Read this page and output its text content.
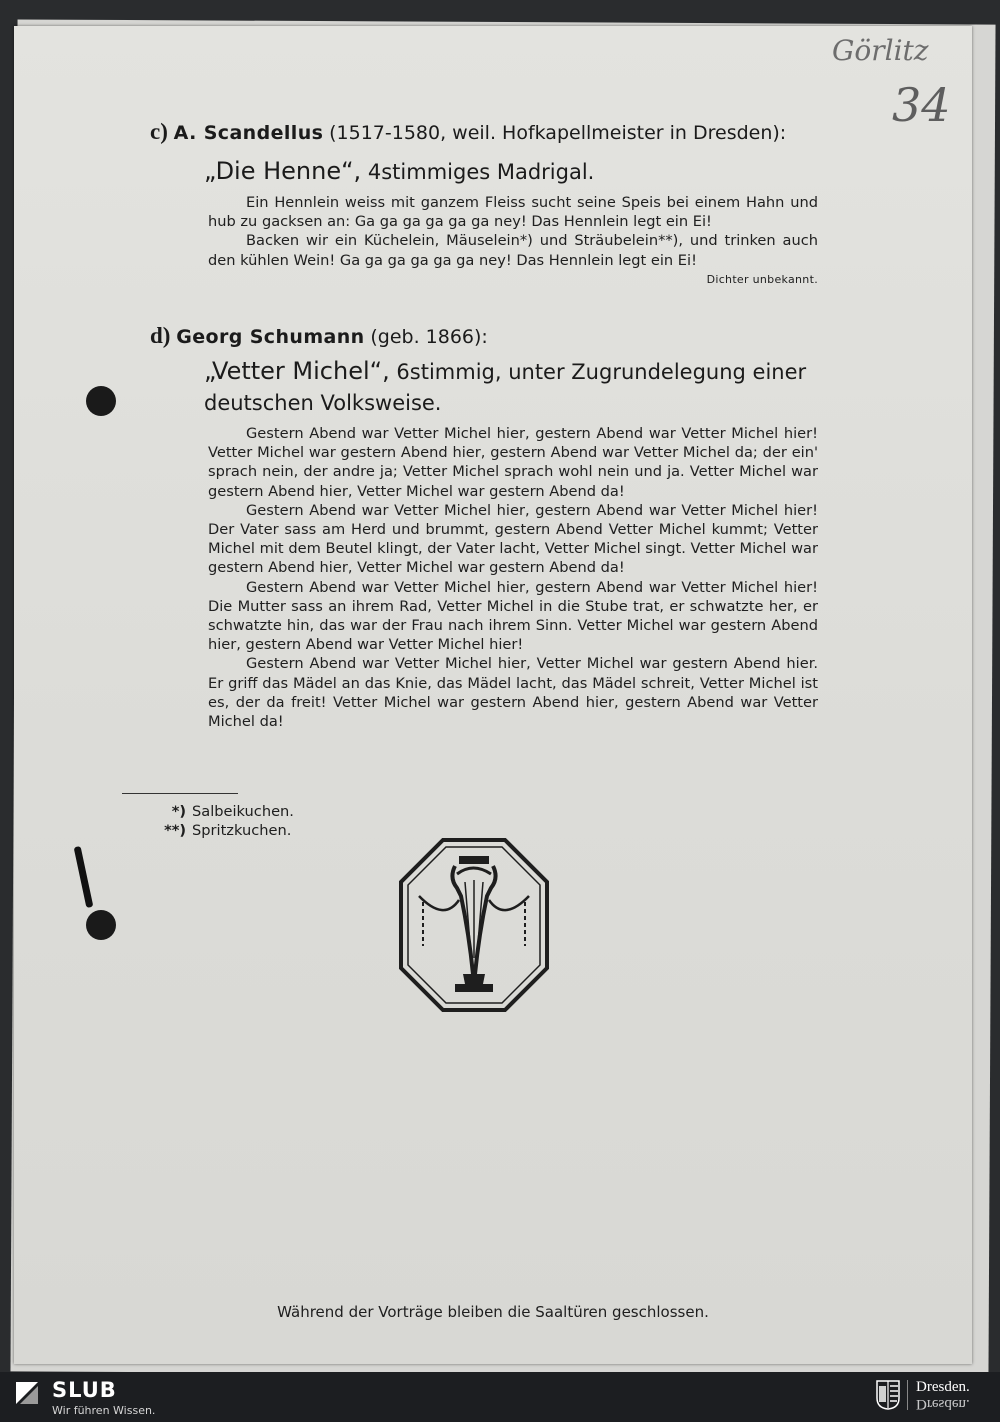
Görlitz
34
c) A. Scandellus (1517-1580, weil. Hofkapellmeister in Dresden):
„Die Henne“, 4stimmiges Madrigal.

Ein Hennlein weiss mit ganzem Fleiss sucht seine Speis bei einem Hahn und hub zu gacksen an: Ga ga ga ga ga ga ney! Das Hennlein legt ein Ei!

Backen wir ein Küchelein, Mäuselein*) und Sträubelein**), und trinken auch den kühlen Wein! Ga ga ga ga ga ga ney! Das Hennlein legt ein Ei!
Dichter unbekannt.

d) Georg Schumann (geb. 1866):
„Vetter Michel“, 6stimmig, unter Zugrundelegung einer deutschen Volksweise.

Gestern Abend war Vetter Michel hier, gestern Abend war Vetter Michel hier! Vetter Michel war gestern Abend hier, gestern Abend war Vetter Michel da; der ein' sprach nein, der andre ja; Vetter Michel sprach wohl nein und ja. Vetter Michel war gestern Abend hier, Vetter Michel war gestern Abend da!

Gestern Abend war Vetter Michel hier, gestern Abend war Vetter Michel hier! Der Vater sass am Herd und brummt, gestern Abend Vetter Michel kummt; Vetter Michel mit dem Beutel klingt, der Vater lacht, Vetter Michel singt. Vetter Michel war gestern Abend hier, Vetter Michel war gestern Abend da!

Gestern Abend war Vetter Michel hier, gestern Abend war Vetter Michel hier! Die Mutter sass an ihrem Rad, Vetter Michel in die Stube trat, er schwatzte her, er schwatzte hin, das war der Frau nach ihrem Sinn. Vetter Michel war gestern Abend hier, gestern Abend war Vetter Michel hier!

Gestern Abend war Vetter Michel hier, Vetter Michel war gestern Abend hier. Er griff das Mädel an das Knie, das Mädel lacht, das Mädel schreit, Vetter Michel ist es, der da freit! Vetter Michel war gestern Abend hier, gestern Abend war Vetter Michel da!

*) Salbeikuchen.
**) Spritzkuchen.
Während der Vorträge bleiben die Saaltüren geschlossen.
SLUB
Wir führen Wissen.
Dresden.
Dresden.
